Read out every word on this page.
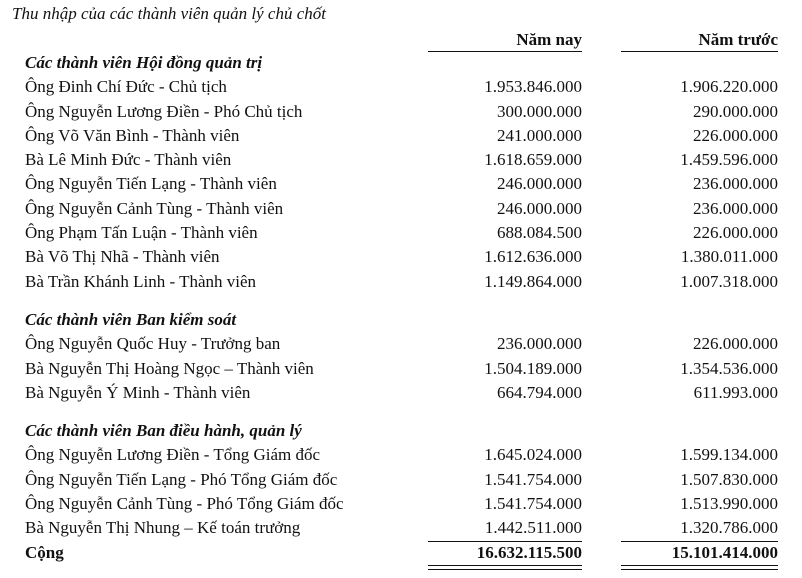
Thu nhập của các thành viên quản lý chủ chốt
Năm nay	Năm trước
Các thành viên Hội đồng quản trị
Ông Đinh Chí Đức - Chủ tịch	1.953.846.000	1.906.220.000
Ông Nguyễn Lương Điền - Phó Chủ tịch	300.000.000	290.000.000
Ông Võ Văn Bình - Thành viên	241.000.000	226.000.000
Bà Lê Minh Đức - Thành viên	1.618.659.000	1.459.596.000
Ông Nguyễn Tiến Lạng - Thành viên	246.000.000	236.000.000
Ông Nguyễn Cảnh Tùng - Thành viên	246.000.000	236.000.000
Ông Phạm Tấn Luận - Thành viên	688.084.500	226.000.000
Bà Võ Thị Nhã - Thành viên	1.612.636.000	1.380.011.000
Bà Trần Khánh Linh - Thành viên	1.149.864.000	1.007.318.000
Các thành viên Ban kiểm soát
Ông Nguyễn Quốc Huy - Trưởng ban	236.000.000	226.000.000
Bà Nguyễn Thị Hoàng Ngọc – Thành viên	1.504.189.000	1.354.536.000
Bà Nguyễn Ý Minh - Thành viên	664.794.000	611.993.000
Các thành viên Ban điều hành, quản lý
Ông Nguyễn Lương Điền - Tổng Giám đốc	1.645.024.000	1.599.134.000
Ông Nguyễn Tiến Lạng - Phó Tổng Giám đốc	1.541.754.000	1.507.830.000
Ông Nguyễn Cảnh Tùng - Phó Tổng Giám đốc	1.541.754.000	1.513.990.000
Bà Nguyễn Thị Nhung – Kế toán trưởng	1.442.511.000	1.320.786.000
Cộng	16.632.115.500	15.101.414.000
